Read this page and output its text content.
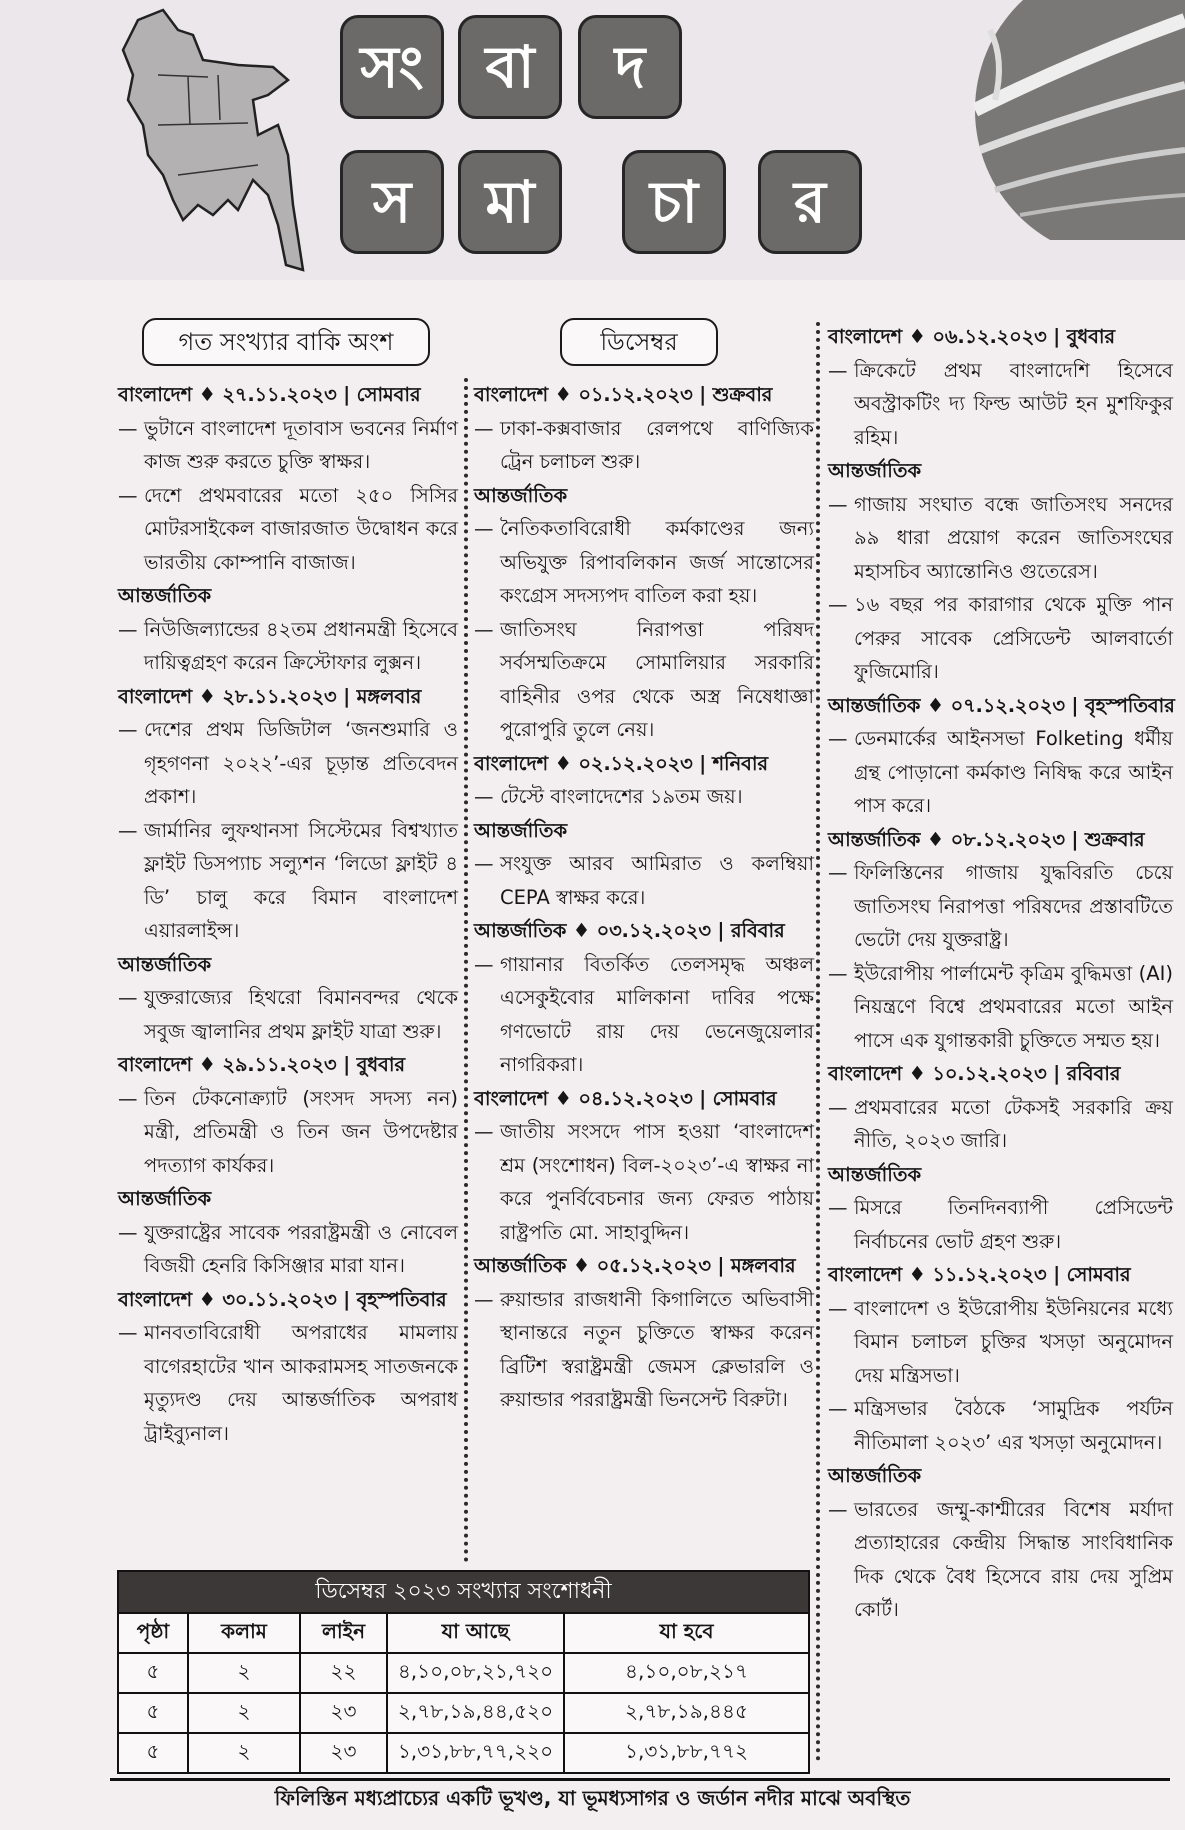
সং	বা	দ
স	মা	চা	র
গত সংখ্যার বাকি অংশ	ডিসেম্বর
বাংলাদেশ ♦ ২৭.১১.২০২৩ | সোমবার
— ভুটানে বাংলাদেশ দূতাবাস ভবনের নির্মাণ কাজ শুরু করতে চুক্তি স্বাক্ষর।
— দেশে প্রথমবারের মতো ২৫০ সিসির মোটরসাইকেল বাজারজাত উদ্বোধন করে ভারতীয় কোম্পানি বাজাজ।
আন্তর্জাতিক
— নিউজিল্যান্ডের ৪২তম প্রধানমন্ত্রী হিসেবে দায়িত্বগ্রহণ করেন ক্রিস্টোফার লুক্সন।
বাংলাদেশ ♦ ২৮.১১.২০২৩ | মঙ্গলবার
— দেশের প্রথম ডিজিটাল ‘জনশুমারি ও গৃহগণনা ২০২২’-এর চূড়ান্ত প্রতিবেদন প্রকাশ।
— জার্মানির লুফথানসা সিস্টেমের বিশ্বখ্যাত ফ্লাইট ডিসপ্যাচ সল্যুশন ‘লিডো ফ্লাইট ৪ ডি’ চালু করে বিমান বাংলাদেশ এয়ারলাইন্স।
আন্তর্জাতিক
— যুক্তরাজ্যের হিথরো বিমানবন্দর থেকে সবুজ জ্বালানির প্রথম ফ্লাইট যাত্রা শুরু।
বাংলাদেশ ♦ ২৯.১১.২০২৩ | বুধবার
— তিন টেকনোক্র্যাট (সংসদ সদস্য নন) মন্ত্রী, প্রতিমন্ত্রী ও তিন জন উপদেষ্টার পদত্যাগ কার্যকর।
আন্তর্জাতিক
— যুক্তরাষ্ট্রের সাবেক পররাষ্ট্রমন্ত্রী ও নোবেল বিজয়ী হেনরি কিসিঞ্জার মারা যান।
বাংলাদেশ ♦ ৩০.১১.২০২৩ | বৃহস্পতিবার
— মানবতাবিরোধী অপরাধের মামলায় বাগেরহাটের খান আকরামসহ সাতজনকে মৃত্যুদণ্ড দেয় আন্তর্জাতিক অপরাধ ট্রাইব্যুনাল।
বাংলাদেশ ♦ ০১.১২.২০২৩ | শুক্রবার
— ঢাকা-কক্সবাজার রেলপথে বাণিজ্যিক ট্রেন চলাচল শুরু।
আন্তর্জাতিক
— নৈতিকতাবিরোধী কর্মকাণ্ডের জন্য অভিযুক্ত রিপাবলিকান জর্জ সান্তোসের কংগ্রেস সদস্যপদ বাতিল করা হয়।
— জাতিসংঘ নিরাপত্তা পরিষদ সর্বসম্মতিক্রমে সোমালিয়ার সরকারি বাহিনীর ওপর থেকে অস্ত্র নিষেধাজ্ঞা পুরোপুরি তুলে নেয়।
বাংলাদেশ ♦ ০২.১২.২০২৩ | শনিবার
— টেস্টে বাংলাদেশের ১৯তম জয়।
আন্তর্জাতিক
— সংযুক্ত আরব আমিরাত ও কলম্বিয়া CEPA স্বাক্ষর করে।
আন্তর্জাতিক ♦ ০৩.১২.২০২৩ | রবিবার
— গায়ানার বিতর্কিত তেলসমৃদ্ধ অঞ্চল এসেকুইবোর মালিকানা দাবির পক্ষে গণভোটে রায় দেয় ভেনেজুয়েলার নাগরিকরা।
বাংলাদেশ ♦ ০৪.১২.২০২৩ | সোমবার
— জাতীয় সংসদে পাস হওয়া ‘বাংলাদেশ শ্রম (সংশোধন) বিল-২০২৩’-এ স্বাক্ষর না করে পুনর্বিবেচনার জন্য ফেরত পাঠায় রাষ্ট্রপতি মো. সাহাবুদ্দিন।
আন্তর্জাতিক ♦ ০৫.১২.২০২৩ | মঙ্গলবার
— রুয়ান্ডার রাজধানী কিগালিতে অভিবাসী স্থানান্তরে নতুন চুক্তিতে স্বাক্ষর করেন ব্রিটিশ স্বরাষ্ট্রমন্ত্রী জেমস ক্লেভারলি ও রুয়ান্ডার পররাষ্ট্রমন্ত্রী ভিনসেন্ট বিরুটা।
বাংলাদেশ ♦ ০৬.১২.২০২৩ | বুধবার
— ক্রিকেটে প্রথম বাংলাদেশি হিসেবে অবস্ট্রাকটিং দ্য ফিল্ড আউট হন মুশফিকুর রহিম।
আন্তর্জাতিক
— গাজায় সংঘাত বন্ধে জাতিসংঘ সনদের ৯৯ ধারা প্রয়োগ করেন জাতিসংঘের মহাসচিব অ্যান্তোনিও গুতেরেস।
— ১৬ বছর পর কারাগার থেকে মুক্তি পান পেরুর সাবেক প্রেসিডেন্ট আলবার্তো ফুজিমোরি।
আন্তর্জাতিক ♦ ০৭.১২.২০২৩ | বৃহস্পতিবার
— ডেনমার্কের আইনসভা Folketing ধর্মীয় গ্রন্থ পোড়ানো কর্মকাণ্ড নিষিদ্ধ করে আইন পাস করে।
আন্তর্জাতিক ♦ ০৮.১২.২০২৩ | শুক্রবার
— ফিলিস্তিনের গাজায় যুদ্ধবিরতি চেয়ে জাতিসংঘ নিরাপত্তা পরিষদের প্রস্তাবটিতে ভেটো দেয় যুক্তরাষ্ট্র।
— ইউরোপীয় পার্লামেন্ট কৃত্রিম বুদ্ধিমত্তা (AI) নিয়ন্ত্রণে বিশ্বে প্রথমবারের মতো আইন পাসে এক যুগান্তকারী চুক্তিতে সম্মত হয়।
বাংলাদেশ ♦ ১০.১২.২০২৩ | রবিবার
— প্রথমবারের মতো টেকসই সরকারি ক্রয় নীতি, ২০২৩ জারি।
আন্তর্জাতিক
— মিসরে তিনদিনব্যাপী প্রেসিডেন্ট নির্বাচনের ভোট গ্রহণ শুরু।
বাংলাদেশ ♦ ১১.১২.২০২৩ | সোমবার
— বাংলাদেশ ও ইউরোপীয় ইউনিয়নের মধ্যে বিমান চলাচল চুক্তির খসড়া অনুমোদন দেয় মন্ত্রিসভা।
— মন্ত্রিসভার বৈঠকে ‘সামুদ্রিক পর্যটন নীতিমালা ২০২৩’ এর খসড়া অনুমোদন।
আন্তর্জাতিক
— ভারতের জম্মু-কাশ্মীরের বিশেষ মর্যাদা প্রত্যাহারের কেন্দ্রীয় সিদ্ধান্ত সাংবিধানিক দিক থেকে বৈধ হিসেবে রায় দেয় সুপ্রিম কোর্ট।
ডিসেম্বর ২০২৩ সংখ্যার সংশোধনী
পৃষ্ঠা	কলাম	লাইন	যা আছে	যা হবে
৫	২	২২	৪,১০,০৮,২১,৭২০	৪,১০,০৮,২১৭
৫	২	২৩	২,৭৮,১৯,৪৪,৫২০	২,৭৮,১৯,৪৪৫
৫	২	২৩	১,৩১,৮৮,৭৭,২২০	১,৩১,৮৮,৭৭২
ফিলিস্তিন মধ্যপ্রাচ্যের একটি ভূখণ্ড, যা ভূমধ্যসাগর ও জর্ডান নদীর মাঝে অবস্থিত
